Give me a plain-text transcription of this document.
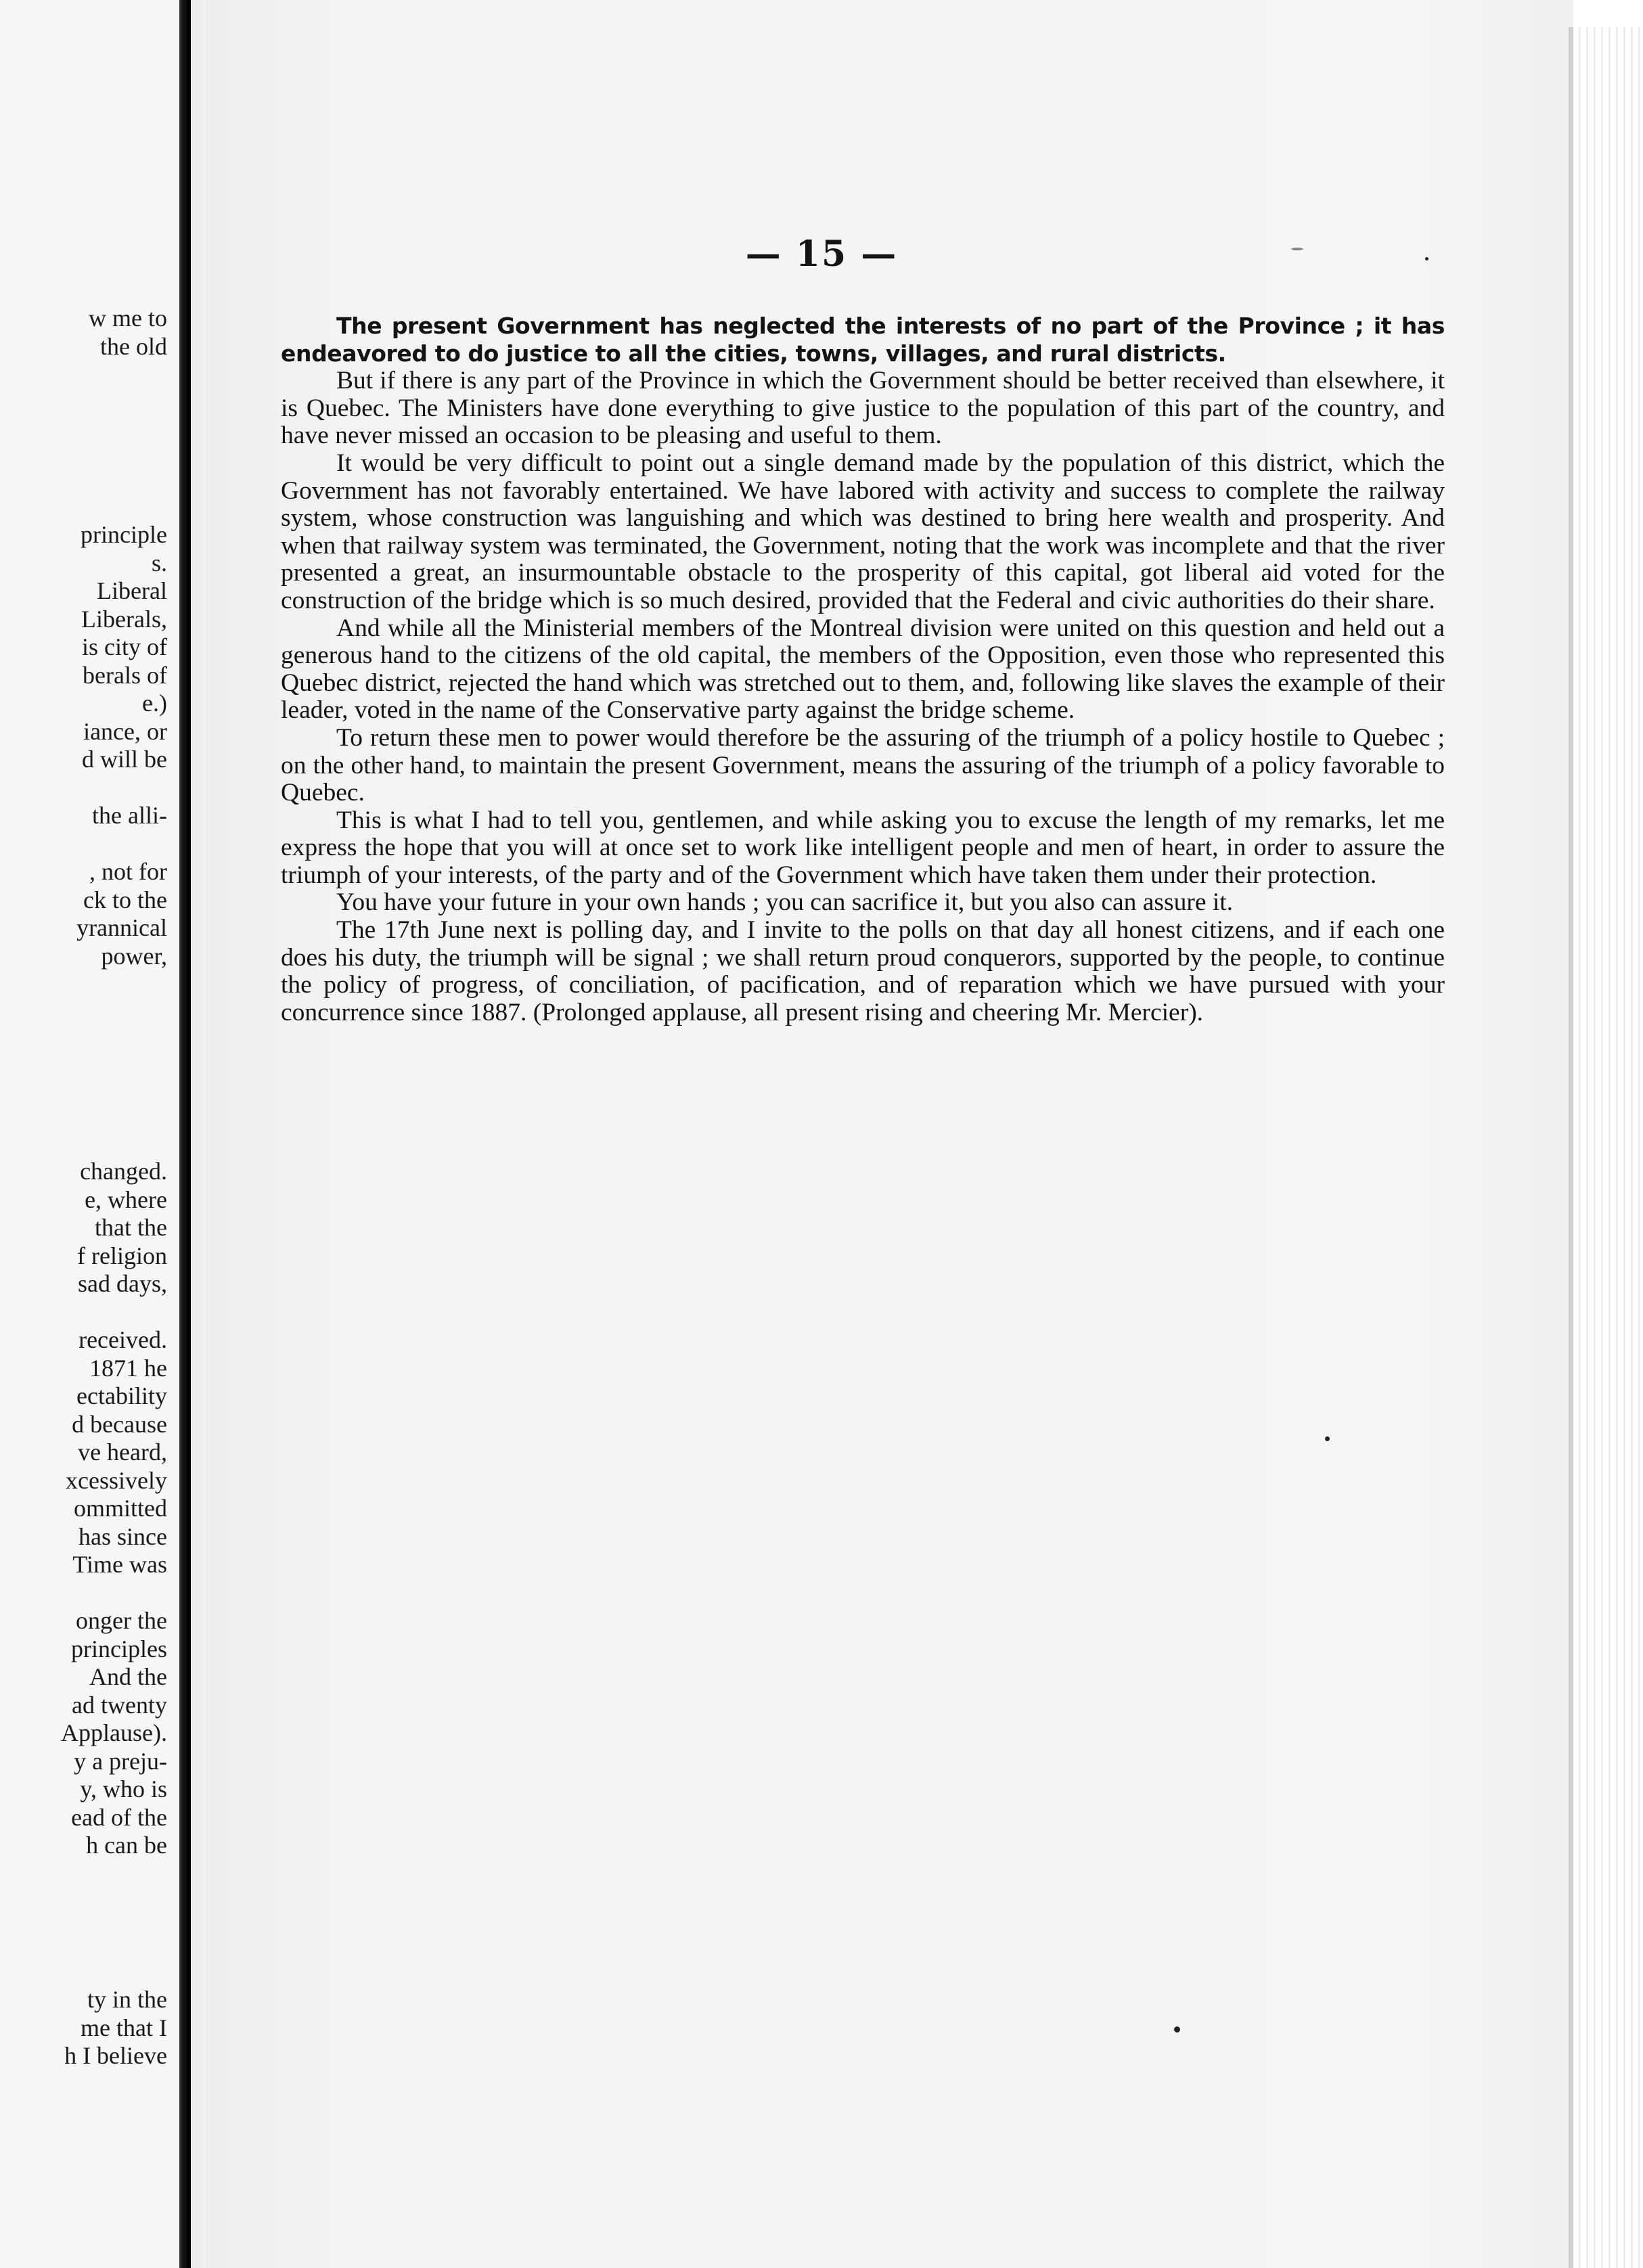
w me to
the old
principle
s.
Liberal
Liberals,
is city of
berals of
e.)
iance, or
d will be
the alli-
, not for
ck to the
yrannical
power,
changed.
e, where
that the
f religion
sad days,
received.
1871 he
ectability
d because
ve heard,
xcessively
ommitted
has since
Time was
onger the
principles
And the
ad twenty
Applause).
y a preju-
y, who is
ead of the
h can be
ty in the
me that I
h I believe
— 15 —

The present Government has neglected the interests of no part of the Province ; it has endeavored to do justice to all the cities, towns, villages, and rural districts.

But if there is any part of the Province in which the Government should be better received than elsewhere, it is Quebec. The Ministers have done everything to give justice to the population of this part of the country, and have never missed an occasion to be pleasing and useful to them.

It would be very difficult to point out a single demand made by the population of this district, which the Government has not favorably entertained. We have labored with activity and success to complete the railway system, whose construction was languishing and which was destined to bring here wealth and prosperity. And when that railway system was terminated, the Government, noting that the work was incomplete and that the river presented a great, an insurmountable obstacle to the prosperity of this capital, got liberal aid voted for the construction of the bridge which is so much desired, provided that the Federal and civic authorities do their share.

And while all the Ministerial members of the Montreal division were united on this question and held out a generous hand to the citizens of the old capital, the members of the Opposition, even those who represented this Quebec district, rejected the hand which was stretched out to them, and, following like slaves the example of their leader, voted in the name of the Conservative party against the bridge scheme.

To return these men to power would therefore be the assuring of the triumph of a policy hostile to Quebec ; on the other hand, to maintain the present Government, means the assuring of the triumph of a policy favorable to Quebec.

This is what I had to tell you, gentlemen, and while asking you to excuse the length of my remarks, let me express the hope that you will at once set to work like intelligent people and men of heart, in order to assure the triumph of your interests, of the party and of the Government which have taken them under their protection.

You have your future in your own hands ; you can sacrifice it, but you also can assure it.

The 17th June next is polling day, and I invite to the polls on that day all honest citizens, and if each one does his duty, the triumph will be signal ; we shall return proud conquerors, supported by the people, to continue the policy of progress, of conciliation, of pacification, and of reparation which we have pursued with your concurrence since 1887. (Prolonged applause, all present rising and cheering Mr. Mercier).
